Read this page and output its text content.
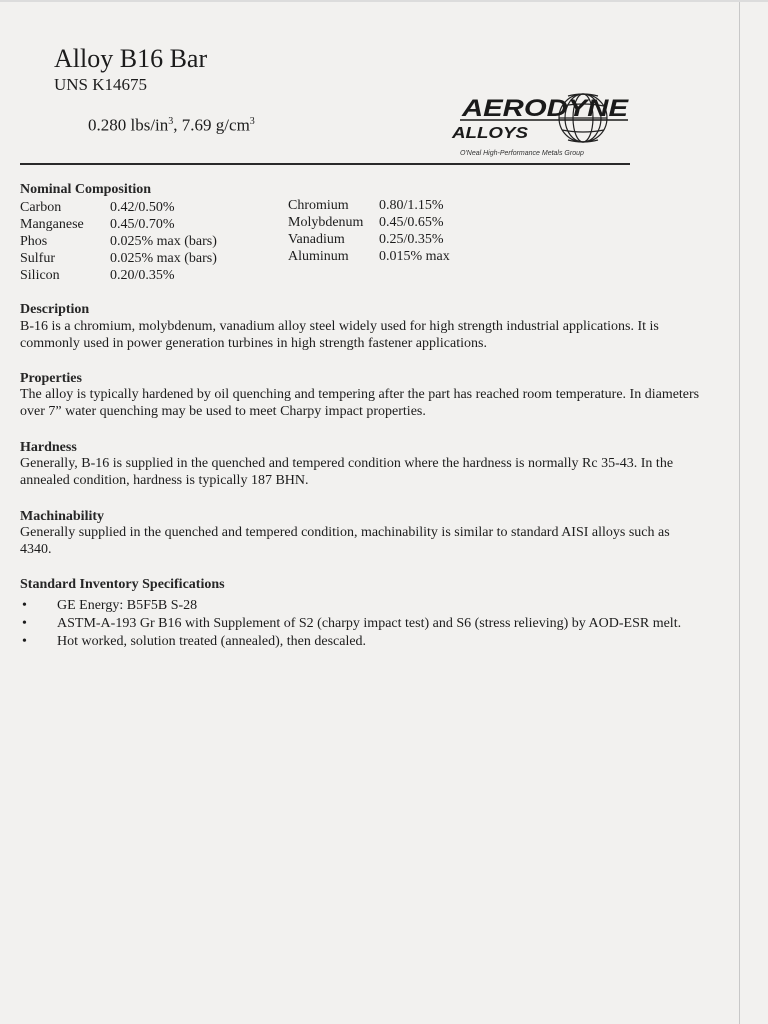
Alloy B16 Bar
UNS K14675
0.280 lbs/$in^3$, 7.69 $g/cm^3$	AERODYNE
ALLOYS
O'Neal High-Performance Metals Group
Nominal Composition
Carbon	0.42/0.50%
Manganese	0.45/0.70%
Phos	0.025% max (bars)
Sulfur	0.025% max (bars)
Silicon	0.20/0.35%
Chromium	0.80/1.15%
Molybdenum	0.45/0.65%
Vanadium	0.25/0.35%
Aluminum	0.015% max
Description
B-16 is a chromium, molybdenum, vanadium alloy steel widely used for high strength industrial applications. It is commonly used in power generation turbines in high strength fastener applications.
Properties
The alloy is typically hardened by oil quenching and tempering after the part has reached room temperature. In diameters over 7” water quenching may be used to meet Charpy impact properties.
Hardness
Generally, B-16 is supplied in the quenched and tempered condition where the hardness is normally Rc 35-43. In the annealed condition, hardness is typically 187 BHN.
Machinability
Generally supplied in the quenched and tempered condition, machinability is similar to standard AISI alloys such as 4340.
Standard Inventory Specifications
• GE Energy: B5F5B S-28
• ASTM-A-193 Gr B16 with Supplement of S2 (charpy impact test) and S6 (stress relieving) by AOD-ESR melt.
• Hot worked, solution treated (annealed), then descaled.
